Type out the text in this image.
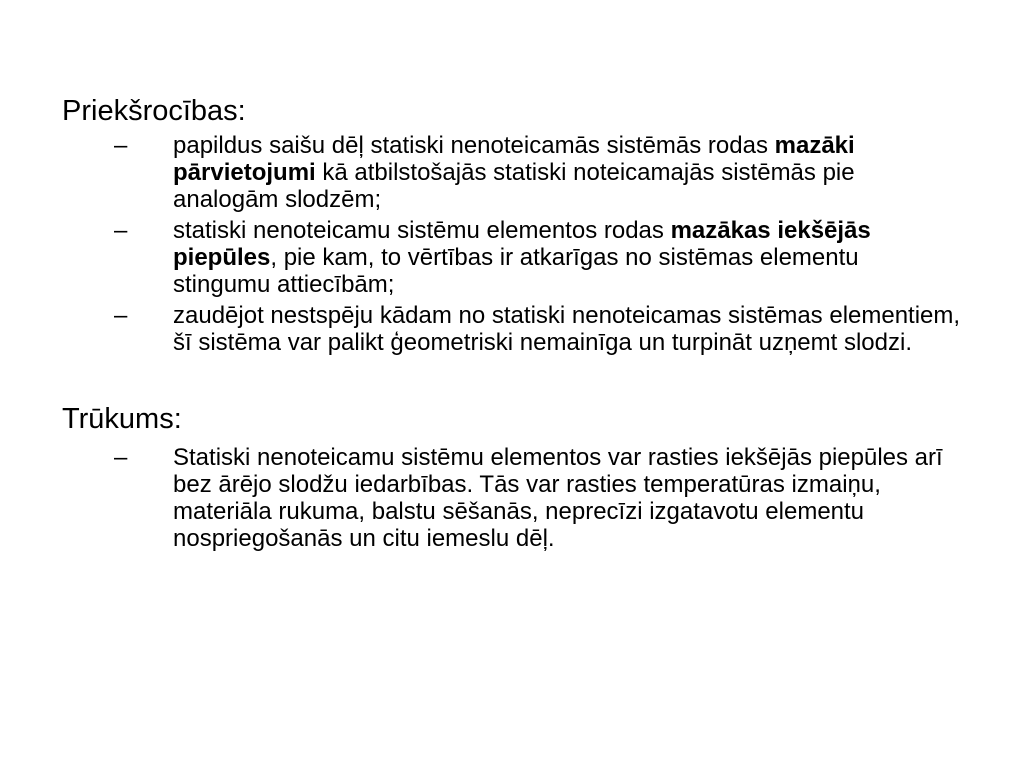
Priekšrocības:
– papildus saišu dēļ statiski nenoteicamās sistēmās rodas mazāki pārvietojumi kā atbilstošajās statiski noteicamajās sistēmās pie analogām slodzēm;
– statiski nenoteicamu sistēmu elementos rodas mazākas iekšējās piepūles, pie kam, to vērtības ir atkarīgas no sistēmas elementu stingumu attiecībām;
– zaudējot nestspēju kādam no statiski nenoteicamas sistēmas elementiem, šī sistēma var palikt ģeometriski nemainīga un turpināt uzņemt slodzi.
Trūkums:
– Statiski nenoteicamu sistēmu elementos var rasties iekšējās piepūles arī bez ārējo slodžu iedarbības. Tās var rasties temperatūras izmaiņu, materiāla rukuma, balstu sēšanās, neprecīzi izgatavotu elementu nospriegošanās un citu iemeslu dēļ.
